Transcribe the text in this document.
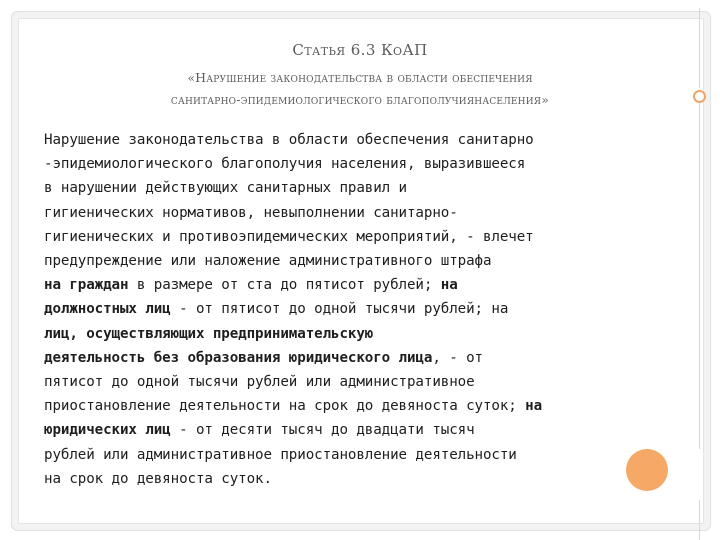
Статья 6.3 КоАП
«Нарушение законодательства в области обеспечения
санитарно-эпидемиологического благополучиянаселения»
Нарушение законодательства в области обеспечения санитарно
-эпидемиологического благополучия населения, выразившееся
в нарушении действующих санитарных правил и
гигиенических нормативов, невыполнении санитарно-
гигиенических и противоэпидемических мероприятий, - влечет
предупреждение или наложение административного штрафа
на граждан в размере от ста до пятисот рублей; на
должностных лиц - от пятисот до одной тысячи рублей; на
лиц, осуществляющих предпринимательскую
деятельность без образования юридического лица, - от
пятисот до одной тысячи рублей или административное
приостановление деятельности на срок до девяноста суток; на
юридических лиц - от десяти тысяч до двадцати тысяч
рублей или административное приостановление деятельности
на срок до девяноста суток.
